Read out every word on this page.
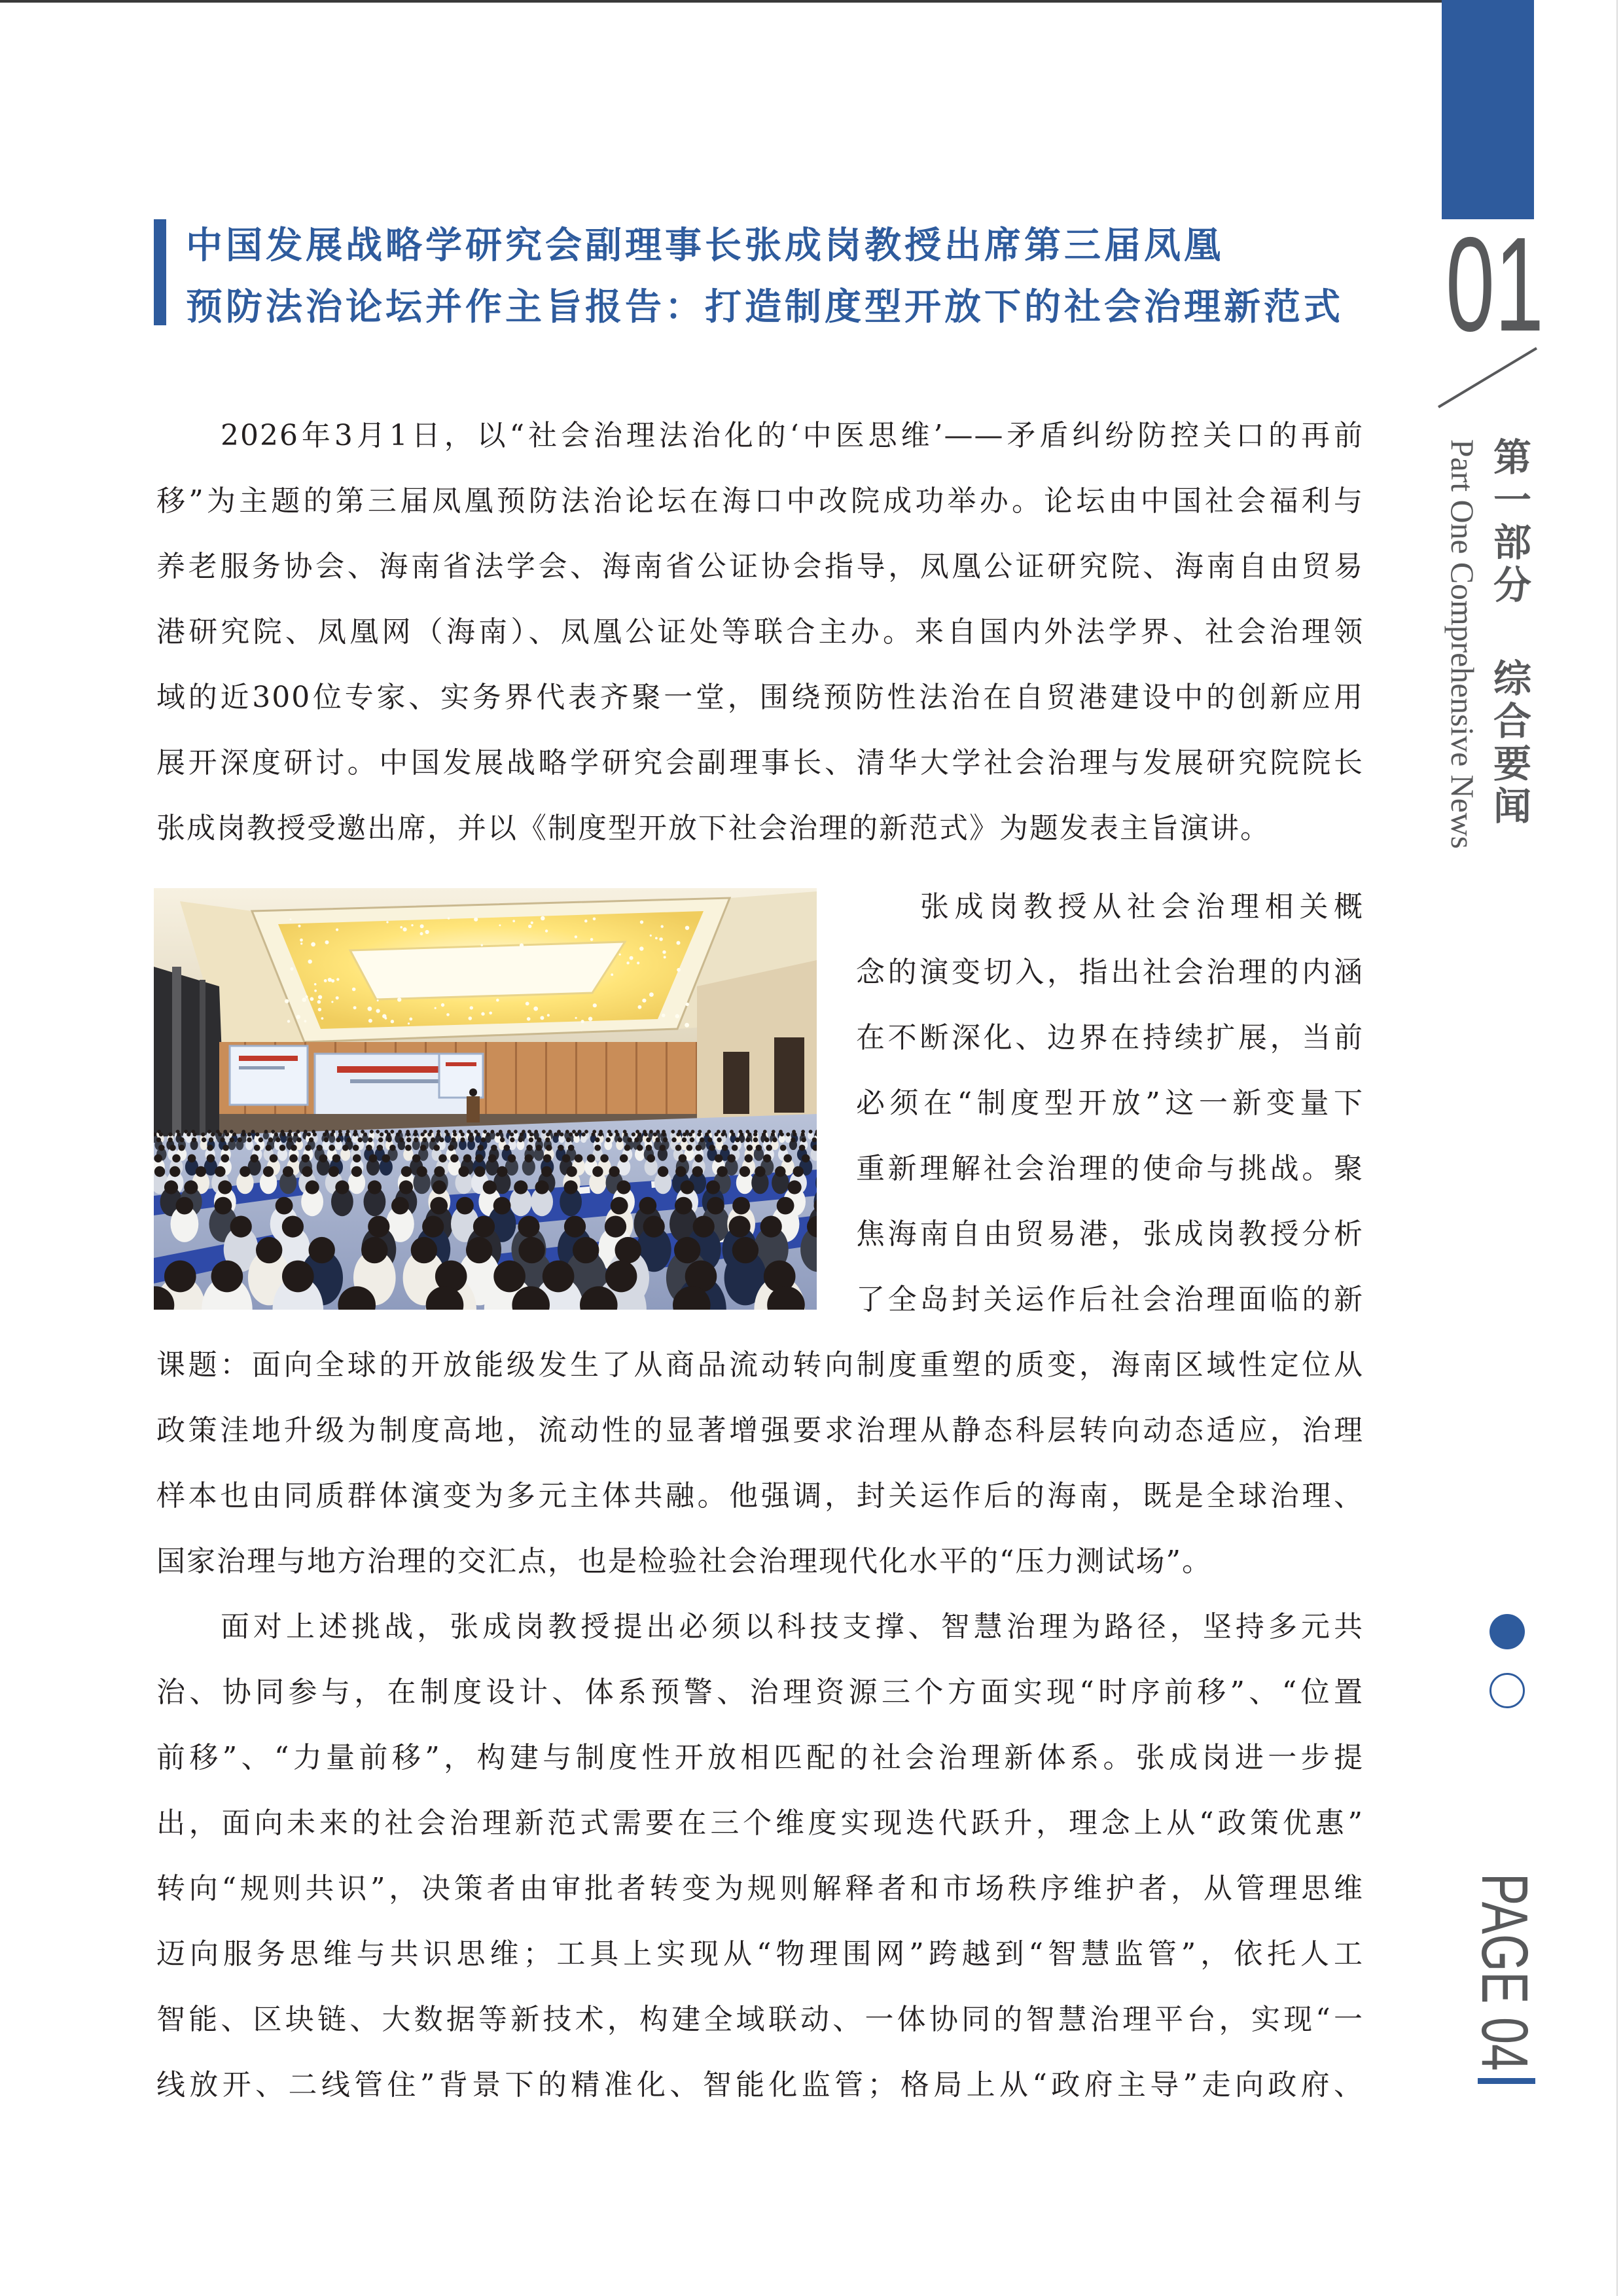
01
Part One Comprehensive News 第一部分
综合要闻
PAGE 04
中国发展战略学研究会副理事长张成岗教授出席第三届凤凰
预防法治论坛并作主旨报告：打造制度型开放下的社会治理新范式
2026年3月1日，以“社会治理法治化的‘中医思维’——矛盾纠纷防控关口的再前
移”为主题的第三届凤凰预防法治论坛在海口中改院成功举办。论坛由中国社会福利与
养老服务协会、海南省法学会、海南省公证协会指导，凤凰公证研究院、海南自由贸易
港研究院、凤凰网（海南）、凤凰公证处等联合主办。来自国内外法学界、社会治理领
域的近300位专家、实务界代表齐聚一堂，围绕预防性法治在自贸港建设中的创新应用
展开深度研讨。中国发展战略学研究会副理事长、清华大学社会治理与发展研究院院长
张成岗教授受邀出席，并以《制度型开放下社会治理的新范式》为题发表主旨演讲。
张成岗教授从社会治理相关概
念的演变切入，指出社会治理的内涵
在不断深化、边界在持续扩展，当前
必须在“制度型开放”这一新变量下
重新理解社会治理的使命与挑战。聚
焦海南自由贸易港，张成岗教授分析
了全岛封关运作后社会治理面临的新
课题：面向全球的开放能级发生了从商品流动转向制度重塑的质变，海南区域性定位从
政策洼地升级为制度高地，流动性的显著增强要求治理从静态科层转向动态适应，治理
样本也由同质群体演变为多元主体共融。他强调，封关运作后的海南，既是全球治理、
国家治理与地方治理的交汇点，也是检验社会治理现代化水平的“压力测试场”。
面对上述挑战，张成岗教授提出必须以科技支撑、智慧治理为路径，坚持多元共
治、协同参与，在制度设计、体系预警、治理资源三个方面实现“时序前移”、“位置
前移”、“力量前移”，构建与制度性开放相匹配的社会治理新体系。张成岗进一步提
出，面向未来的社会治理新范式需要在三个维度实现迭代跃升，理念上从“政策优惠”
转向“规则共识”，决策者由审批者转变为规则解释者和市场秩序维护者，从管理思维
迈向服务思维与共识思维；工具上实现从“物理围网”跨越到“智慧监管”，依托人工
智能、区块链、大数据等新技术，构建全域联动、一体协同的智慧治理平台，实现“一
线放开、二线管住”背景下的精准化、智能化监管；格局上从“政府主导”走向政府、
